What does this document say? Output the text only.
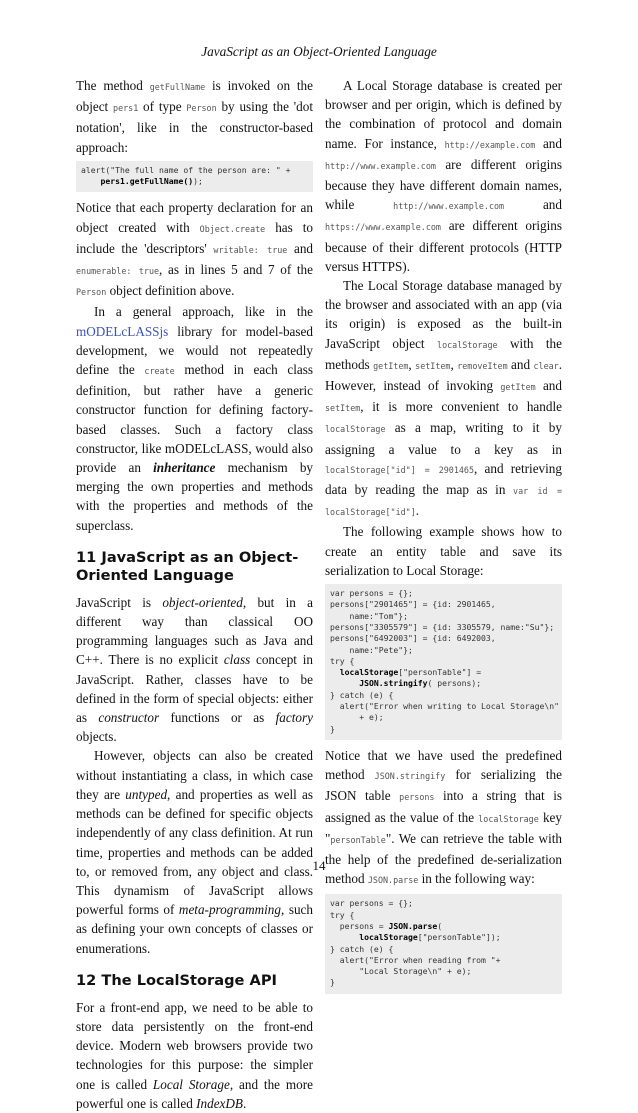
JavaScript as an Object-Oriented Language

The method getFullName is invoked on the object pers1 of type Person by using the 'dot notation', like in the constructor-based approach:

alert("The full name of the person are: " +
pers1.getFullName());

Notice that each property declaration for an object created with Object.create has to include the 'descriptors' writable: true and enumerable: true, as in lines 5 and 7 of the Person object definition above.

In a general approach, like in the mODELcLASSjs library for model-based development, we would not repeatedly define the create method in each class definition, but rather have a generic constructor function for defining factory-based classes. Such a factory class constructor, like mODELcLASS, would also provide an inheritance mechanism by merging the own properties and methods with the properties and methods of the superclass.

11 JavaScript as an Object-Oriented Language

JavaScript is object-oriented, but in a different way than classical OO programming languages such as Java and C++. There is no explicit class concept in JavaScript. Rather, classes have to be defined in the form of special objects: either as constructor functions or as factory objects.

However, objects can also be created without instantiating a class, in which case they are untyped, and properties as well as methods can be defined for specific objects independently of any class definition. At run time, properties and methods can be added to, or removed from, any object and class. This dynamism of JavaScript allows powerful forms of meta-programming, such as defining your own concepts of classes or enumerations.

12 The LocalStorage API

For a front-end app, we need to be able to store data persistently on the front-end device. Modern web browsers provide two technologies for this purpose: the simpler one is called Local Storage, and the more powerful one is called IndexDB.

A Local Storage database is created per browser and per origin, which is defined by the combination of protocol and domain name. For instance, http://example.com and http://www.example.com are different origins because they have different domain names, while http://www.example.com and https://www.example.com are different origins because of their different protocols (HTTP versus HTTPS).

The Local Storage database managed by the browser and associated with an app (via its origin) is exposed as the built-in JavaScript object localStorage with the methods getItem, setItem, removeItem and clear. However, instead of invoking getItem and setItem, it is more convenient to handle localStorage as a map, writing to it by assigning a value to a key as in localStorage["id"] = 2901465, and retrieving data by reading the map as in var id = localStorage["id"].

The following example shows how to create an entity table and save its serialization to Local Storage:

var persons = {};
persons["2901465"] = {id: 2901465,
name:"Tom"};
persons["3305579"] = {id: 3305579, name:"Su"};
persons["6492003"] = {id: 6492003,
name:"Pete"};
try {
localStorage["personTable"] =
JSON.stringify( persons);
} catch (e) {
alert("Error when writing to Local Storage\n"
+ e);
}

Notice that we have used the predefined method JSON.stringify for serializing the JSON table persons into a string that is assigned as the value of the localStorage key "personTable". We can retrieve the table with the help of the predefined de-serialization method JSON.parse in the following way:

var persons = {};
try {
persons = JSON.parse(
localStorage["personTable"]);
} catch (e) {
alert("Error when reading from "+
"Local Storage\n" + e);
}
14
